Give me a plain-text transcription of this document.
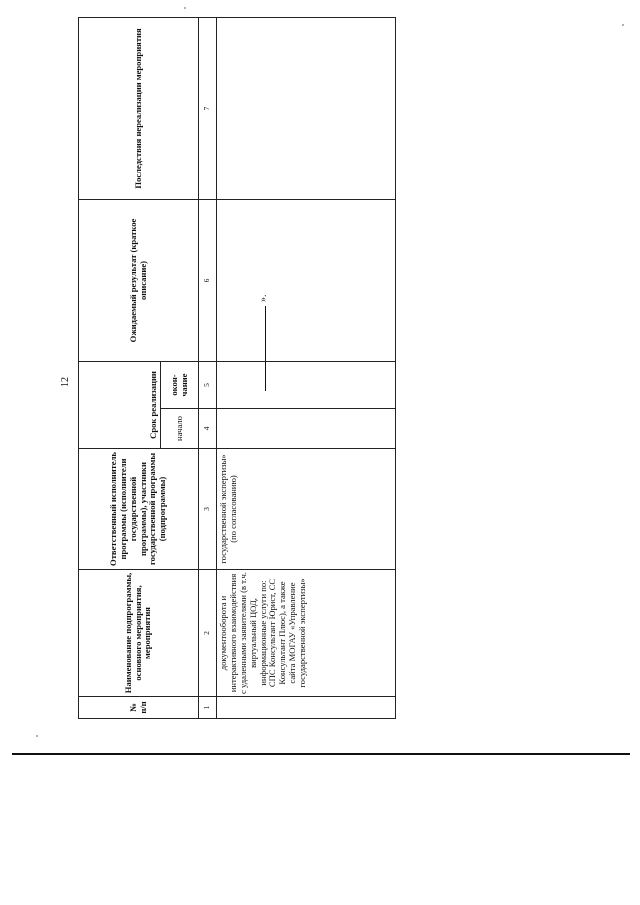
12
».
№ п/п	Наименование подпрограммы, основного мероприятия, мероприятия	Ответственный исполнитель программы (исполнители государственной программы), участники государственной программы (подпрограммы)	Срок реализации		Ожидаемый результат (краткое описание)	Последствия нереализации мероприятия
			начало	окон-чание		
1	2	3	4	5	6	7
	документооборота и интерактивного взаимодействия с удаленными заявителями (в т.ч. виртуальный ЦОД, информационные услуги по: СПС Консультант Юрист, СС Консультант Плюс), а также сайта МОГАУ «Управление государственной экспертизы»	государственной экспертизы» (по согласованию)				
